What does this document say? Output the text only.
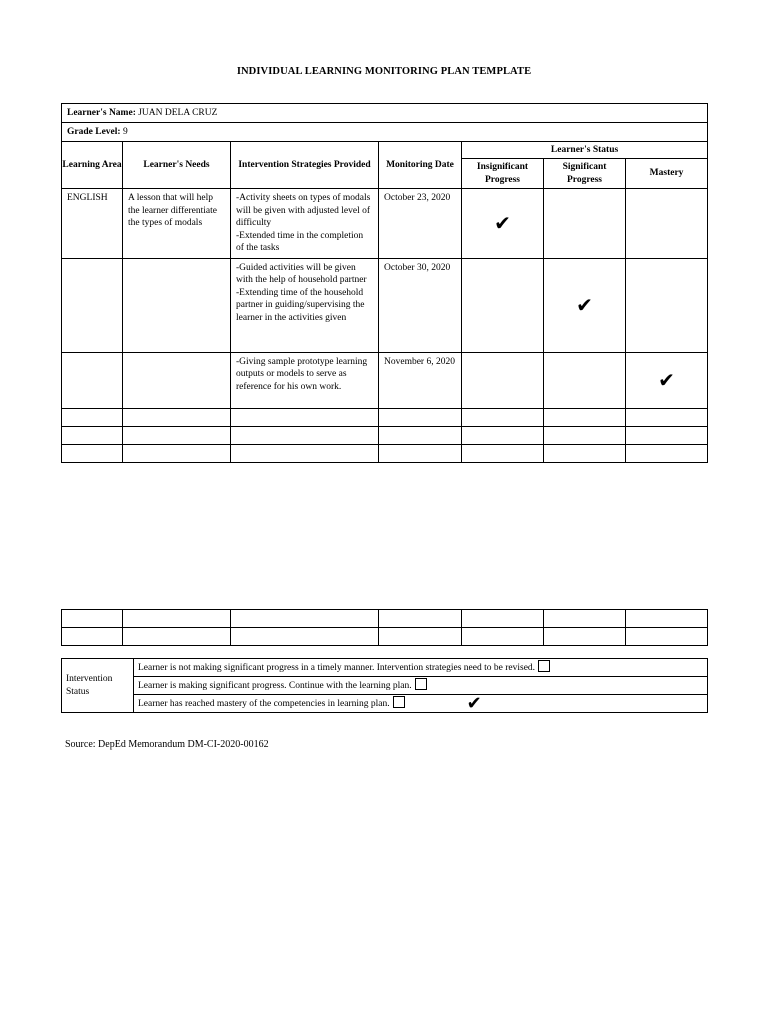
INDIVIDUAL LEARNING MONITORING PLAN TEMPLATE
Learner's Name: JUAN DELA CRUZ						
Grade Level: 9						
Learning Area	Learner's Needs	Intervention Strategies Provided	Monitoring Date	Learner's Status		
				Insignificant Progress	Significant Progress	Mastery
ENGLISH	A lesson that will help the learner differentiate the types of modals	-Activity sheets on types of modals will be given with adjusted level of difficulty
-Extended time in the completion of the tasks	October 23, 2020	✔		
		-Guided activities will be given with the help of household partner
-Extending time of the household partner in guiding/supervising the learner in the activities given	October 30, 2020		✔	
		-Giving sample prototype learning outputs or models to serve as reference for his own work.	November 6, 2020			✔

Intervention Status	Learner is not making significant progress in a timely manner. Intervention strategies need to be revised.
Learner is making significant progress. Continue with the learning plan.
Learner has reached mastery of the competencies in learning plan.	✔
Source: DepEd Memorandum DM-CI-2020-00162
